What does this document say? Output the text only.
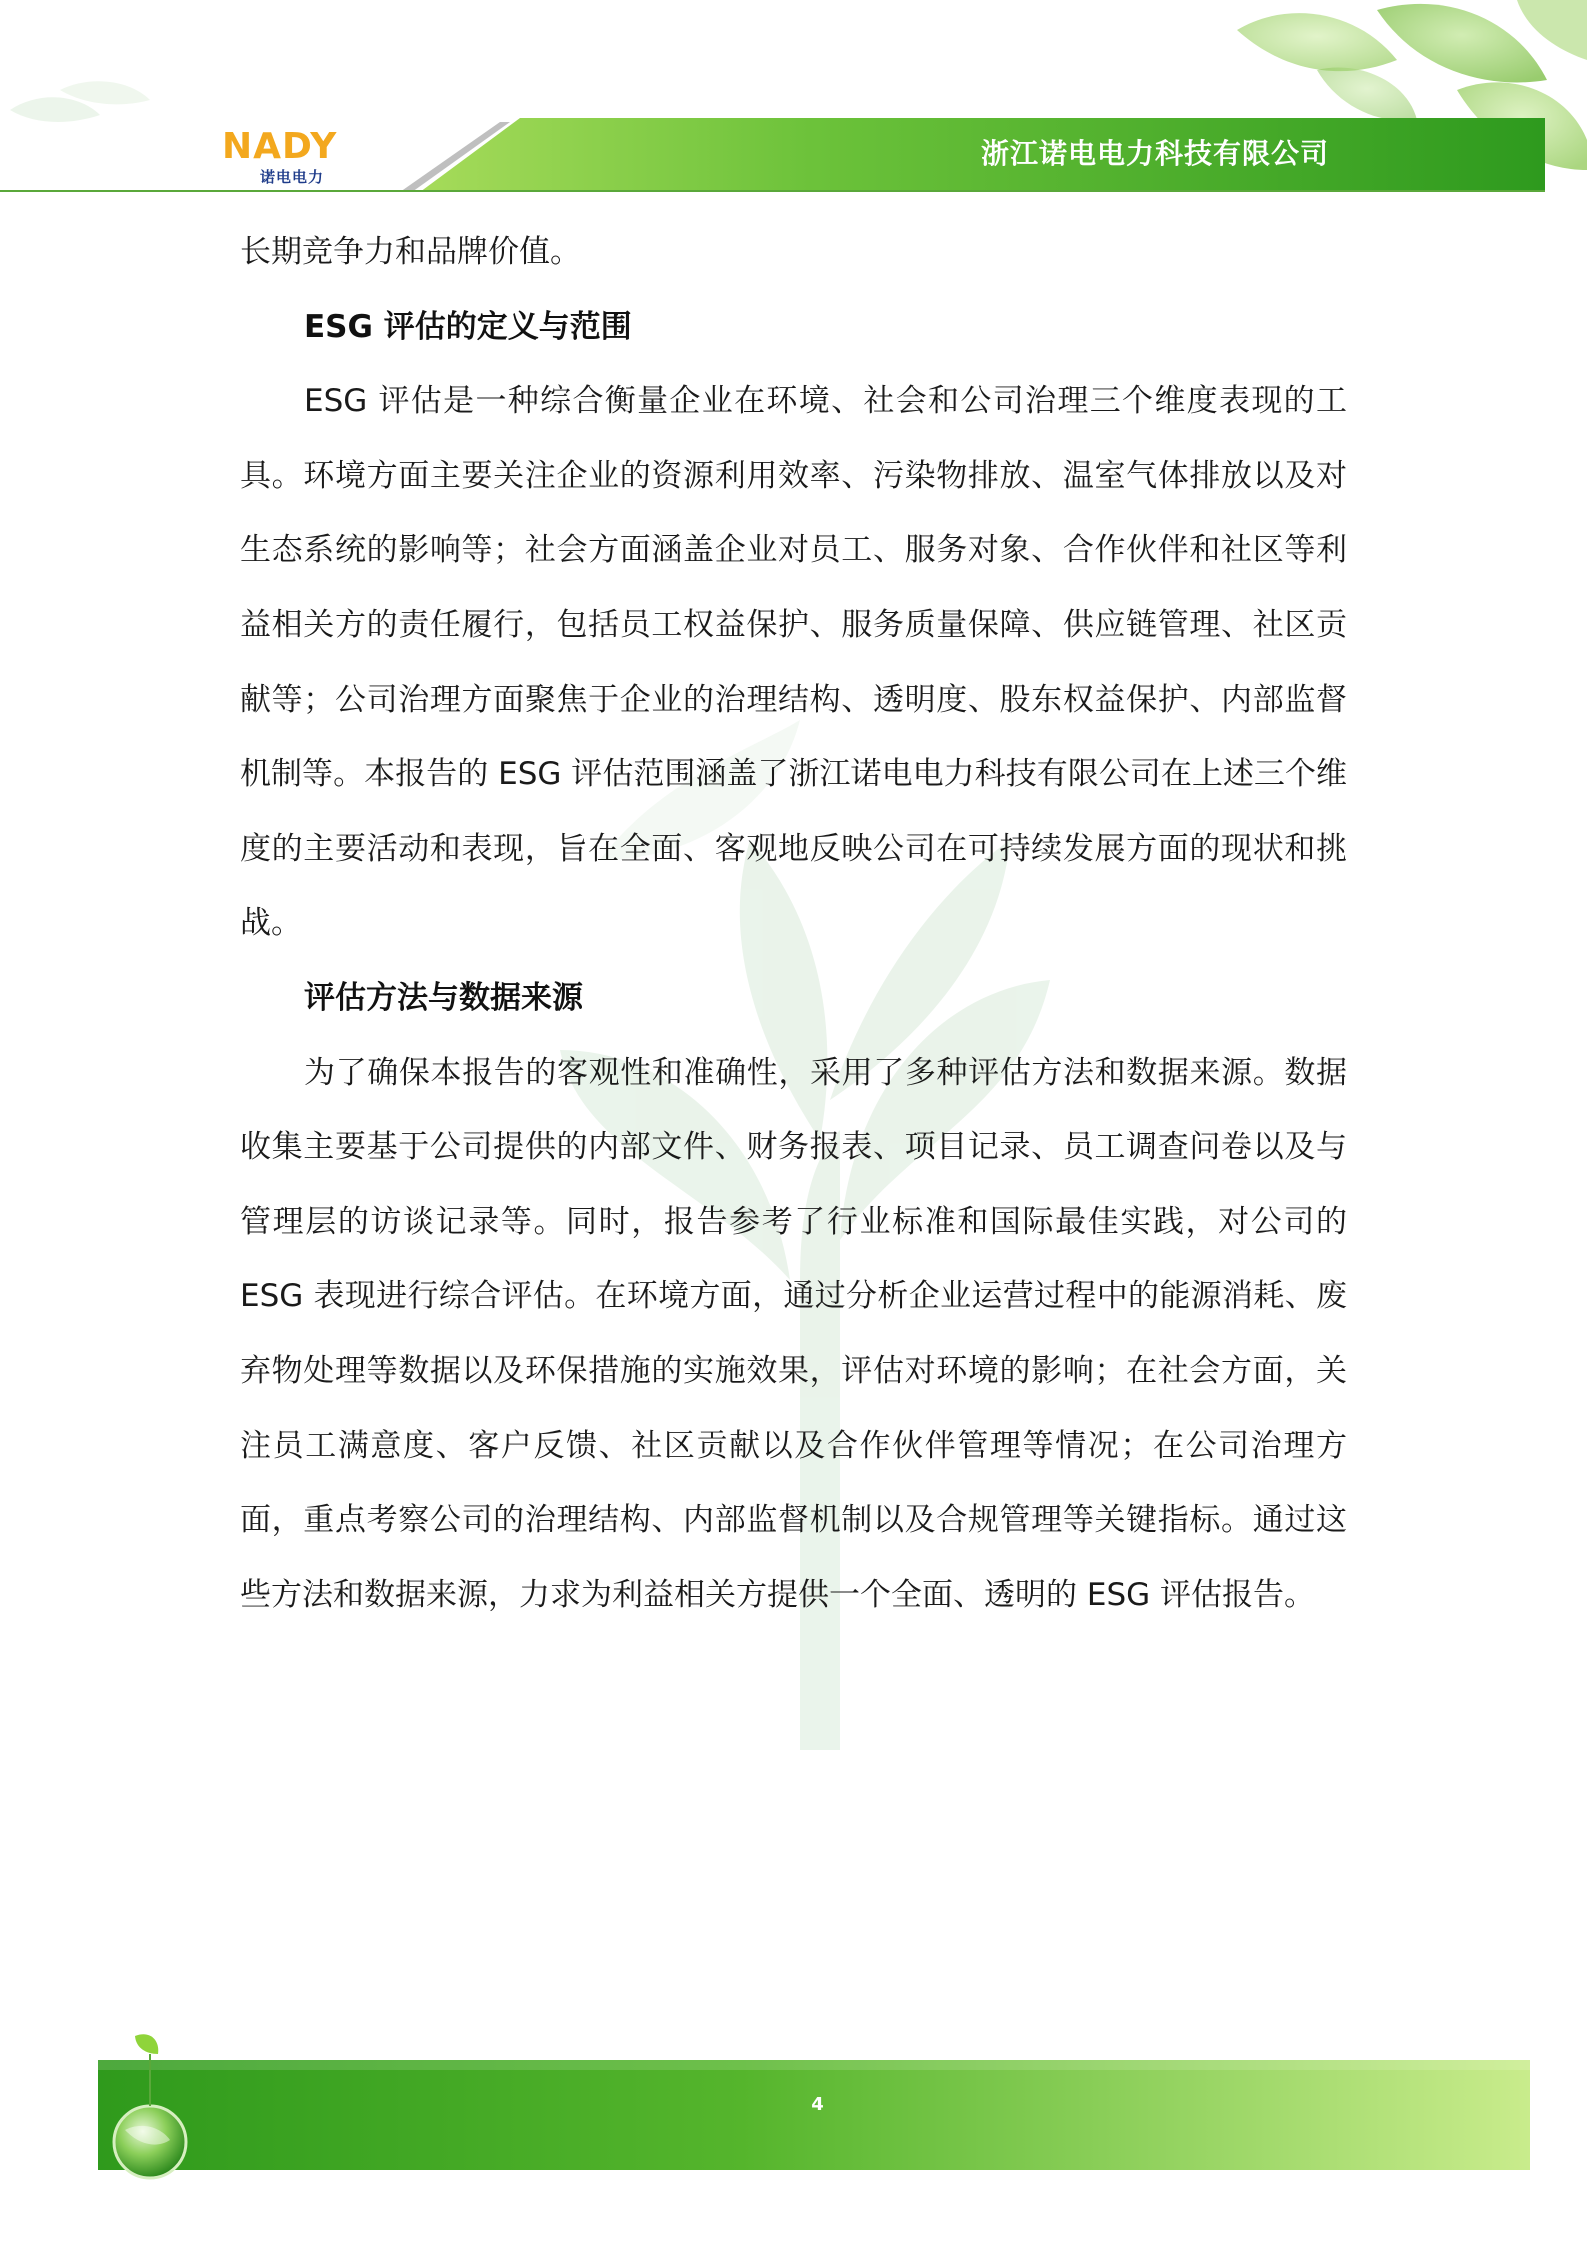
NADY
诺电电力
浙江诺电电力科技有限公司

长期竞争力和品牌价值。

ESG 评估的定义与范围

ESG 评估是一种综合衡量企业在环境、社会和公司治理三个维度表现的工具。环境方面主要关注企业的资源利用效率、污染物排放、温室气体排放以及对生态系统的影响等；社会方面涵盖企业对员工、服务对象、合作伙伴和社区等利益相关方的责任履行，包括员工权益保护、服务质量保障、供应链管理、社区贡献等；公司治理方面聚焦于企业的治理结构、透明度、股东权益保护、内部监督机制等。本报告的 ESG 评估范围涵盖了浙江诺电电力科技有限公司在上述三个维度的主要活动和表现，旨在全面、客观地反映公司在可持续发展方面的现状和挑战。

评估方法与数据来源

为了确保本报告的客观性和准确性，采用了多种评估方法和数据来源。数据收集主要基于公司提供的内部文件、财务报表、项目记录、员工调查问卷以及与管理层的访谈记录等。同时，报告参考了行业标准和国际最佳实践，对公司的 ESG 表现进行综合评估。在环境方面，通过分析企业运营过程中的能源消耗、废弃物处理等数据以及环保措施的实施效果，评估对环境的影响；在社会方面，关注员工满意度、客户反馈、社区贡献以及合作伙伴管理等情况；在公司治理方面，重点考察公司的治理结构、内部监督机制以及合规管理等关键指标。通过这些方法和数据来源，力求为利益相关方提供一个全面、透明的 ESG 评估报告。

4
